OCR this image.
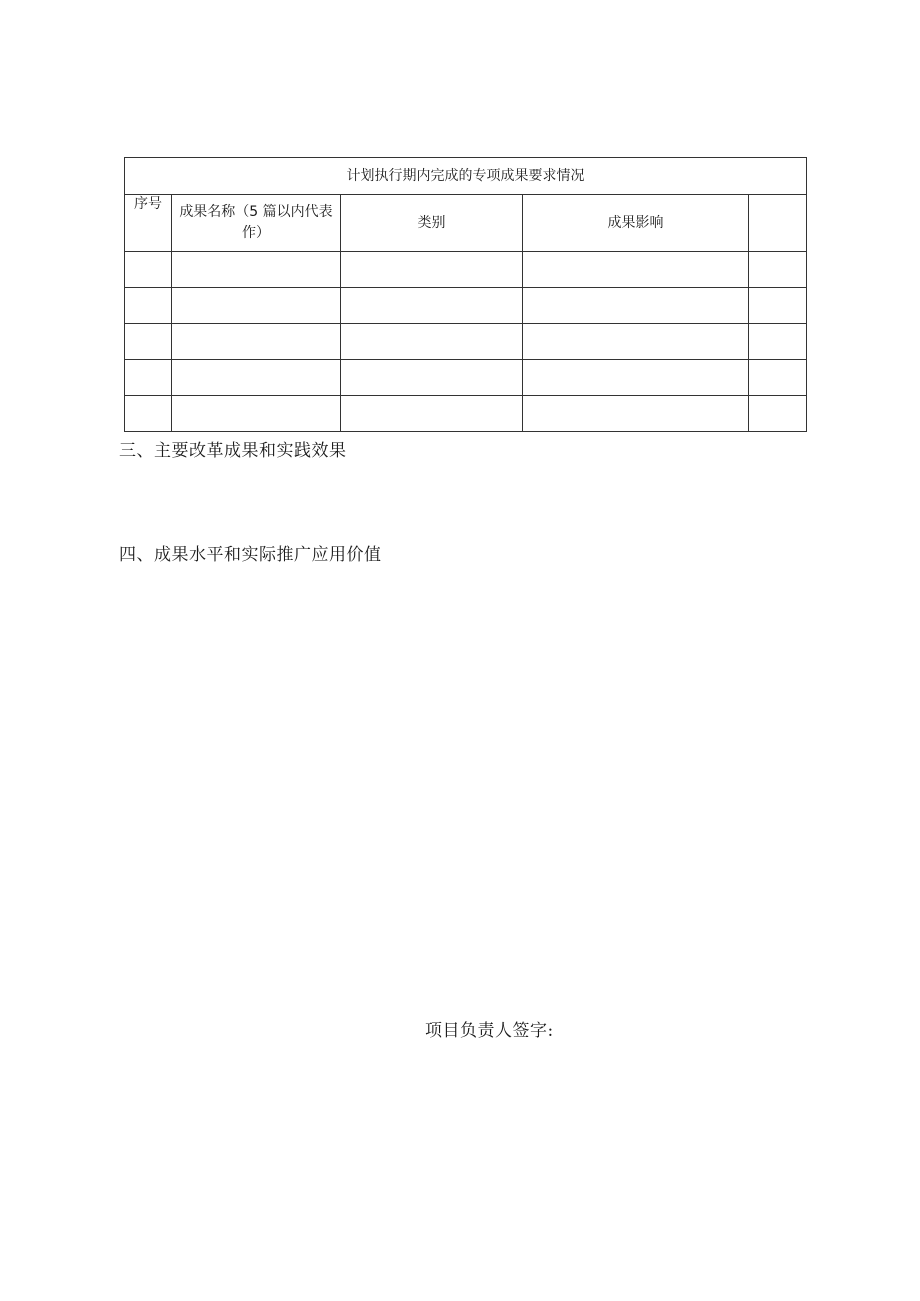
计划执行期内完成的专项成果要求情况				
序号	成果名称（5 篇以内代表作）	类别	成果影响	

三、主要改革成果和实践效果
四、成果水平和实际推广应用价值
项目负责人签字:
